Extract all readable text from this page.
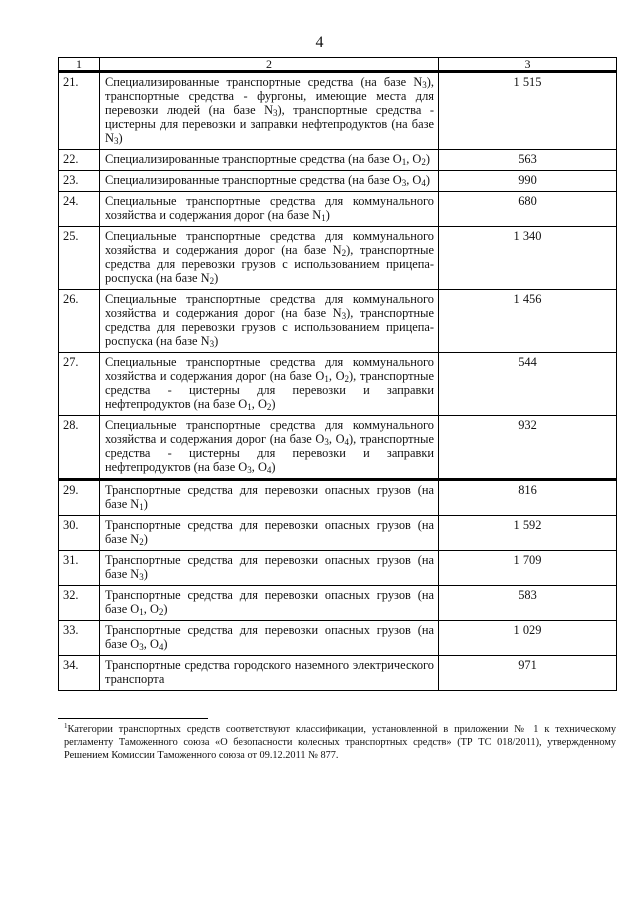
4
1	2	3
21.	Специализированные транспортные средства (на базе $N_3$), транспортные средства - фургоны, имеющие места для перевозки людей (на базе $N_3$), транспортные средства - цистерны для перевозки и заправки нефтепродуктов (на базе $N_3$)	1 515
22.	Специализированные транспортные средства (на базе $O_1$, $O_2$)	563
23.	Специализированные транспортные средства (на базе $O_3$, $O_4$)	990
24.	Специальные транспортные средства для коммунального хозяйства и содержания дорог (на базе $N_1$)	680
25.	Специальные транспортные средства для коммунального хозяйства и содержания дорог (на базе $N_2$), транспортные средства для перевозки грузов с использованием прицепа-роспуска (на базе $N_2$)	1 340
26.	Специальные транспортные средства для коммунального хозяйства и содержания дорог (на базе $N_3$), транспортные средства для перевозки грузов с использованием прицепа-роспуска (на базе $N_3$)	1 456
27.	Специальные транспортные средства для коммунального хозяйства и содержания дорог (на базе $O_1$, $O_2$), транспортные средства - цистерны для перевозки и заправки нефтепродуктов (на базе $O_1$, $O_2$)	544
28.	Специальные транспортные средства для коммунального хозяйства и содержания дорог (на базе $O_3$, $O_4$), транспортные средства - цистерны для перевозки и заправки нефтепродуктов (на базе $O_3$, $O_4$)	932
29.	Транспортные средства для перевозки опасных грузов (на базе $N_1$)	816
30.	Транспортные средства для перевозки опасных грузов (на базе $N_2$)	1 592
31.	Транспортные средства для перевозки опасных грузов (на базе $N_3$)	1 709
32.	Транспортные средства для перевозки опасных грузов (на базе $O_1$, $O_2$)	583
33.	Транспортные средства для перевозки опасных грузов (на базе $O_3$, $O_4$)	1 029
34.	Транспортные средства городского наземного электрического транспорта	971
$^1$Категории транспортных средств соответствуют классификации, установленной в приложении № 1 к техническому регламенту Таможенного союза «О безопасности колесных транспортных средств» (ТР ТС 018/2011), утвержденному Решением Комиссии Таможенного союза от 09.12.2011 № 877.
